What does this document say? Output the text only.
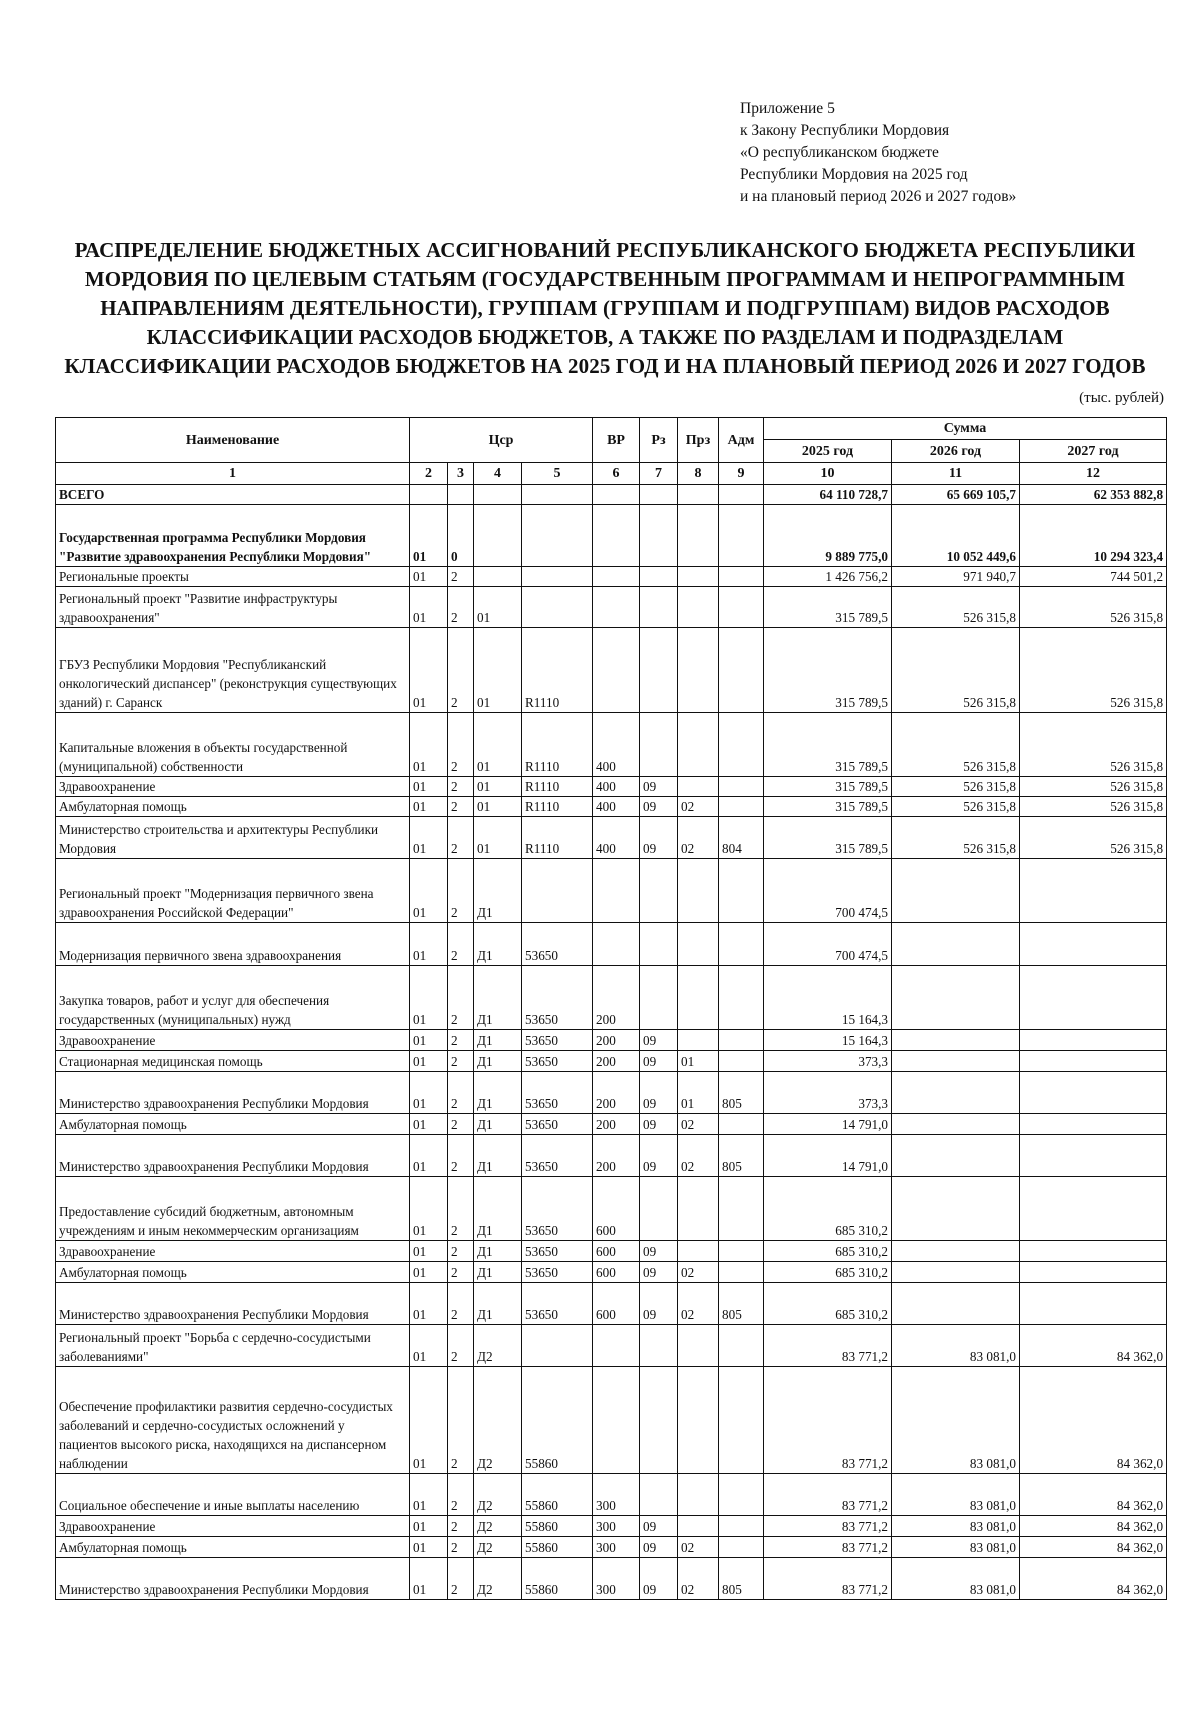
Приложение 5
к Закону Республики Мордовия
«О республиканском бюджете
Республики Мордовия на 2025 год
и на плановый период 2026 и 2027 годов»
РАСПРЕДЕЛЕНИЕ БЮДЖЕТНЫХ АССИГНОВАНИЙ РЕСПУБЛИКАНСКОГО БЮДЖЕТА РЕСПУБЛИКИ
МОРДОВИЯ ПО ЦЕЛЕВЫМ СТАТЬЯМ (ГОСУДАРСТВЕННЫМ ПРОГРАММАМ И НЕПРОГРАММНЫМ
НАПРАВЛЕНИЯМ ДЕЯТЕЛЬНОСТИ), ГРУППАМ (ГРУППАМ И ПОДГРУППАМ) ВИДОВ РАСХОДОВ
КЛАССИФИКАЦИИ РАСХОДОВ БЮДЖЕТОВ, А ТАКЖЕ ПО РАЗДЕЛАМ И ПОДРАЗДЕЛАМ
КЛАССИФИКАЦИИ РАСХОДОВ БЮДЖЕТОВ НА 2025 ГОД И НА ПЛАНОВЫЙ ПЕРИОД 2026 И 2027 ГОДОВ
(тыс. рублей)
Наименование	Цср				ВР	Рз	Прз	Адм	Сумма		
									2025 год	2026 год	2027 год
1	2	3	4	5	6	7	8	9	10	11	12
ВСЕГО									64 110 728,7	65 669 105,7	62 353 882,8
Государственная программа Республики Мордовия "Развитие здравоохранения Республики Мордовия"	01	0							9 889 775,0	10 052 449,6	10 294 323,4
Региональные проекты	01	2							1 426 756,2	971 940,7	744 501,2
Региональный проект "Развитие инфраструктуры здравоохранения"	01	2	01						315 789,5	526 315,8	526 315,8
ГБУЗ Республики Мордовия "Республиканский онкологический диспансер" (реконструкция существующих зданий) г. Саранск	01	2	01	R1110					315 789,5	526 315,8	526 315,8
Капитальные вложения в объекты государственной (муниципальной) собственности	01	2	01	R1110	400				315 789,5	526 315,8	526 315,8
Здравоохранение	01	2	01	R1110	400	09			315 789,5	526 315,8	526 315,8
Амбулаторная помощь	01	2	01	R1110	400	09	02		315 789,5	526 315,8	526 315,8
Министерство строительства и архитектуры Республики Мордовия	01	2	01	R1110	400	09	02	804	315 789,5	526 315,8	526 315,8
Региональный проект "Модернизация первичного звена здравоохранения Российской Федерации"	01	2	Д1						700 474,5		
Модернизация первичного звена здравоохранения	01	2	Д1	53650					700 474,5		
Закупка товаров, работ и услуг для обеспечения государственных (муниципальных) нужд	01	2	Д1	53650	200				15 164,3		
Здравоохранение	01	2	Д1	53650	200	09			15 164,3		
Стационарная медицинская помощь	01	2	Д1	53650	200	09	01		373,3		
Министерство здравоохранения Республики Мордовия	01	2	Д1	53650	200	09	01	805	373,3		
Амбулаторная помощь	01	2	Д1	53650	200	09	02		14 791,0		
Министерство здравоохранения Республики Мордовия	01	2	Д1	53650	200	09	02	805	14 791,0		
Предоставление субсидий бюджетным, автономным учреждениям и иным некоммерческим организациям	01	2	Д1	53650	600				685 310,2		
Здравоохранение	01	2	Д1	53650	600	09			685 310,2		
Амбулаторная помощь	01	2	Д1	53650	600	09	02		685 310,2		
Министерство здравоохранения Республики Мордовия	01	2	Д1	53650	600	09	02	805	685 310,2		
Региональный проект "Борьба с сердечно-сосудистыми заболеваниями"	01	2	Д2						83 771,2	83 081,0	84 362,0
Обеспечение профилактики развития сердечно-сосудистых заболеваний и сердечно-сосудистых осложнений у пациентов высокого риска, находящихся на диспансерном наблюдении	01	2	Д2	55860					83 771,2	83 081,0	84 362,0
Социальное обеспечение и иные выплаты населению	01	2	Д2	55860	300				83 771,2	83 081,0	84 362,0
Здравоохранение	01	2	Д2	55860	300	09			83 771,2	83 081,0	84 362,0
Амбулаторная помощь	01	2	Д2	55860	300	09	02		83 771,2	83 081,0	84 362,0
Министерство здравоохранения Республики Мордовия	01	2	Д2	55860	300	09	02	805	83 771,2	83 081,0	84 362,0
